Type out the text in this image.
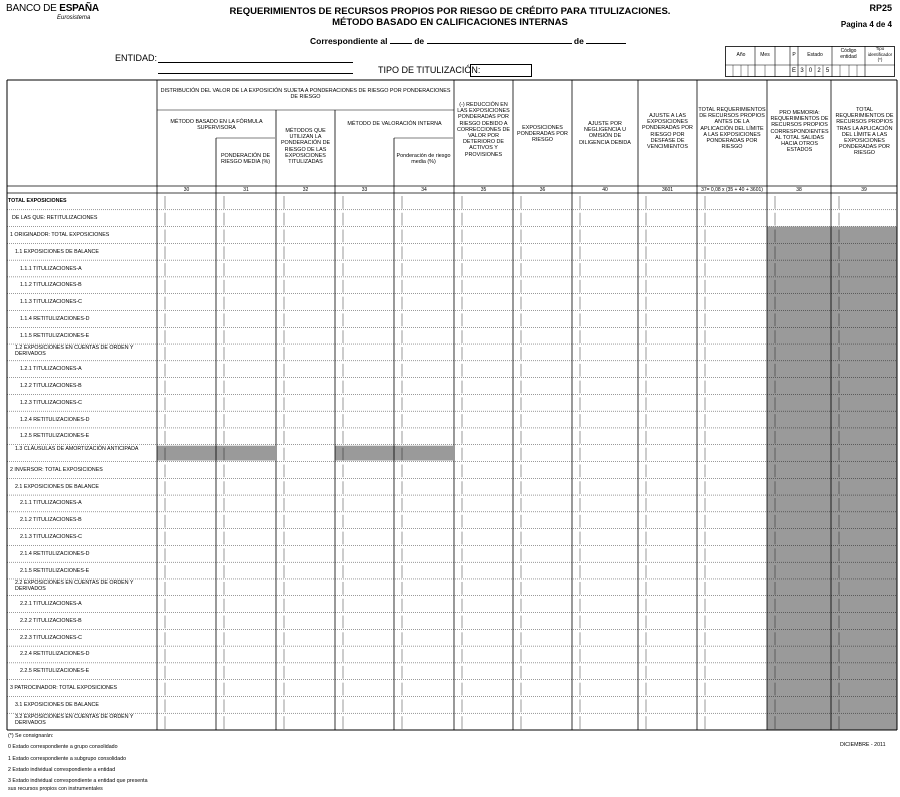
BANCO DE ESPAÑA
Eurosistema
REQUERIMIENTOS DE RECURSOS PROPIOS POR RIESGO DE CRÉDITO PARA TITULIZACIONES.
MÉTODO BASADO EN CALIFICACIONES INTERNAS
RP25
Pagina 4 de 4
Correspondiente al	de	de
ENTIDAD:
TIPO DE TITULIZACIÓN:
Año	Mes	P	Estado
Código entidad
Tipo identificador (*)
E 3 0 2 5
DISTRIBUCIÓN DEL VALOR DE LA EXPOSICIÓN SUJETA A PONDERACIONES DE RIESGO POR PONDERACIONES DE RIESGO
MÉTODO BASADO EN LA FÓRMULA SUPERVISORA
PONDERACIÓN DE RIESGO MEDIA (%)
MÉTODOS QUE UTILIZAN LA PONDERACIÓN DE RIESGO DE LAS EXPOSICIONES TITULIZADAS
MÉTODO DE VALORACIÓN INTERNA
Ponderación de riesgo media (%)
(-) REDUCCIÓN EN LAS EXPOSICIONES PONDERADAS POR RIESGO DEBIDO A CORRECCIONES DE VALOR POR DETERIORO DE ACTIVOS Y PROVISIONES
EXPOSICIONES PONDERADAS POR RIESGO
AJUSTE POR NEGLIGENCIA U OMISIÓN DE DILIGENCIA DEBIDA
AJUSTE A LAS EXPOSICIONES PONDERADAS POR RIESGO POR DESFASE DE VENCIMIENTOS
TOTAL REQUERIMIENTOS DE RECURSOS PROPIOS ANTES DE LA APLICACIÓN DEL LÍMITE A LAS EXPOSICIONES PONDERADAS POR RIESGO
PRO MEMORIA: REQUERIMIENTOS DE RECURSOS PROPIOS CORRESPONDIENTES AL TOTAL SALIDAS HACIA OTROS ESTADOS
TOTAL REQUERIMIENTOS DE RECURSOS PROPIOS TRAS LA APLICACIÓN DEL LÍMITE A LAS EXPOSICIONES PONDERADAS POR RIESGO
30	31	32	33	34	35	36	40	3601	37= 0,08 x (35 + 40 + 3601)	38	39
TOTAL EXPOSICIONES
DE LAS QUE: RETITULIZACIONES
1 ORIGINADOR: TOTAL EXPOSICIONES
1.1 EXPOSICIONES DE BALANCE
1.1.1 TITULIZACIONES-A
1.1.2 TITULIZACIONES-B
1.1.3 TITULIZACIONES-C
1.1.4 RETITULIZACIONES-D
1.1.5 RETITULIZACIONES-E
1.2 EXPOSICIONES EN CUENTAS DE ORDEN Y DERIVADOS
1.2.1 TITULIZACIONES-A
1.2.2 TITULIZACIONES-B
1.2.3 TITULIZACIONES-C
1.2.4 RETITULIZACIONES-D
1.2.5 RETITULIZACIONES-E
1.3 CLÁUSULAS DE AMORTIZACIÓN ANTICIPADA
2 INVERSOR: TOTAL EXPOSICIONES
2.1 EXPOSICIONES DE BALANCE
2.1.1 TITULIZACIONES-A
2.1.2 TITULIZACIONES-B
2.1.3 TITULIZACIONES-C
2.1.4 RETITULIZACIONES-D
2.1.5 RETITULIZACIONES-E
2.2 EXPOSICIONES EN CUENTAS DE ORDEN Y DERIVADOS
2.2.1 TITULIZACIONES-A
2.2.2 TITULIZACIONES-B
2.2.3 TITULIZACIONES-C
2.2.4 RETITULIZACIONES-D
2.2.5 RETITULIZACIONES-E
3 PATROCINADOR: TOTAL EXPOSICIONES
3.1 EXPOSICIONES DE BALANCE
3.2 EXPOSICIONES EN CUENTAS DE ORDEN Y DERIVADOS
(*) Se consignarán:
0 Estado correspondiente a grupo consolidado
1 Estado correspondiente a subgrupo consolidado
2 Estado individual correspondiente a entidad
3 Estado individual correspondiente a entidad que presenta
sus recursos propios con instrumentales
DICIEMBRE - 2011
